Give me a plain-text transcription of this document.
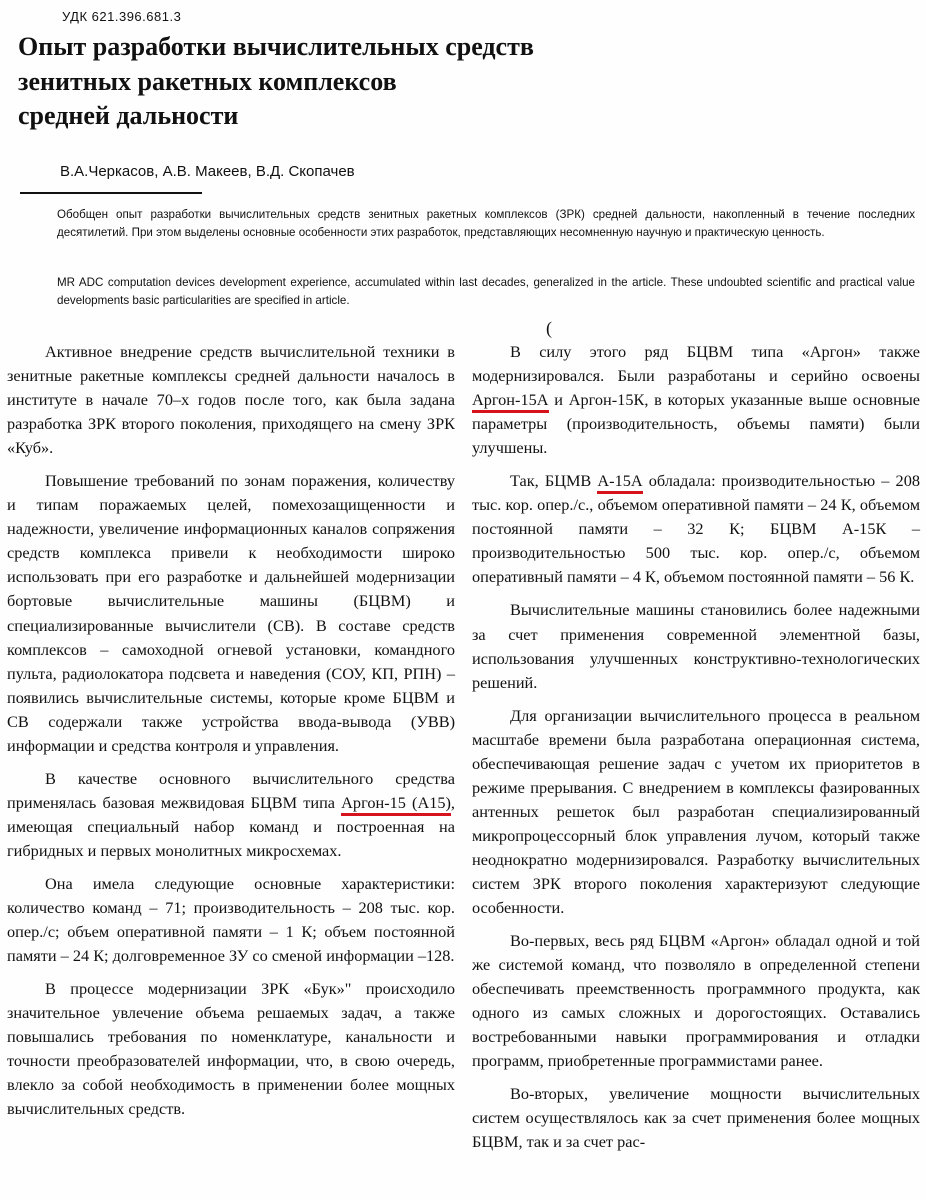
УДК 621.396.681.3
Опыт разработки вычислительных средств
зенитных ракетных комплексов
средней дальности
В.А.Черкасов, А.В. Макеев, В.Д. Скопачев

Обобщен опыт разработки вычислительных средств зенитных ракетных комплексов (ЗРК) средней дальности, накопленный в течение последних десятилетий. При этом выделены основные особенности этих разработок, представляющих несомненную научную и практическую ценность.

MR ADC computation devices development experience, accumulated within last decades, generalized in the article. These undoubted scientific and practical value developments basic particularities are specified in article.

(

Активное внедрение средств вычислительной техники в зенитные ракетные комплексы средней дальности началось в институте в начале 70–х годов после того, как была задана разработка ЗРК второго поколения, приходящего на смену ЗРК «Куб».

Повышение требований по зонам поражения, количеству и типам поражаемых целей, помехозащищенности и надежности, увеличение информационных каналов сопряжения средств комплекса привели к необходимости широко использовать при его разработке и дальнейшей модернизации бортовые вычислительные машины (БЦВМ) и специализированные вычислители (СВ). В составе средств комплексов – самоходной огневой установки, командного пульта, радиолокатора подсвета и наведения (СОУ, КП, РПН) – появились вычислительные системы, которые кроме БЦВМ и СВ содержали также устройства ввода-вывода (УВВ) информации и средства контроля и управления.

В качестве основного вычислительного средства применялась базовая межвидовая БЦВМ типа Аргон-15 (А15), имеющая специальный набор команд и построенная на гибридных и первых монолитных микросхемах.

Она имела следующие основные характеристики: количество команд – 71; производительность – 208 тыс. кор. опер./с; объем оперативной памяти – 1 К; объем постоянной памяти – 24 К; долговременное ЗУ со сменой информации –128.

В процессе модернизации ЗРК «Бук»" происходило значительное увлечение объема решаемых задач, а также повышались требования по номенклатуре, канальности и точности преобразователей информации, что, в свою очередь, влекло за собой необходимость в применении более мощных вычислительных средств.

В силу этого ряд БЦВМ типа «Аргон» также модернизировался. Были разработаны и серийно освоены Аргон-15А и Аргон-15К, в которых указанные выше основные параметры (производительность, объемы памяти) были улучшены.

Так, БЦМВ А-15А обладала: производительностью – 208 тыс. кор. опер./с., объемом оперативной памяти – 24 К, объемом постоянной памяти – 32 К; БЦВМ А-15К – производительностью 500 тыс. кор. опер./с, объемом оперативный памяти – 4 К, объемом постоянной памяти – 56 К.

Вычислительные машины становились более надежными за счет применения современной элементной базы, использования улучшенных конструктивно-технологических решений.

Для организации вычислительного процесса в реальном масштабе времени была разработана операционная система, обеспечивающая решение задач с учетом их приоритетов в режиме прерывания. С внедрением в комплексы фазированных антенных решеток был разработан специализированный микропроцессорный блок управления лучом, который также неоднократно модернизировался. Разработку вычислительных систем ЗРК второго поколения характеризуют следующие особенности.

Во-первых, весь ряд БЦВМ «Аргон» обладал одной и той же системой команд, что позволяло в определенной степени обеспечивать преемственность программного продукта, как одного из самых сложных и дорогостоящих. Оставались востребованными навыки программирования и отладки программ, приобретенные программистами ранее.

Во-вторых, увеличение мощности вычислительных систем осуществлялось как за счет применения более мощных БЦВМ, так и за счет рас-
